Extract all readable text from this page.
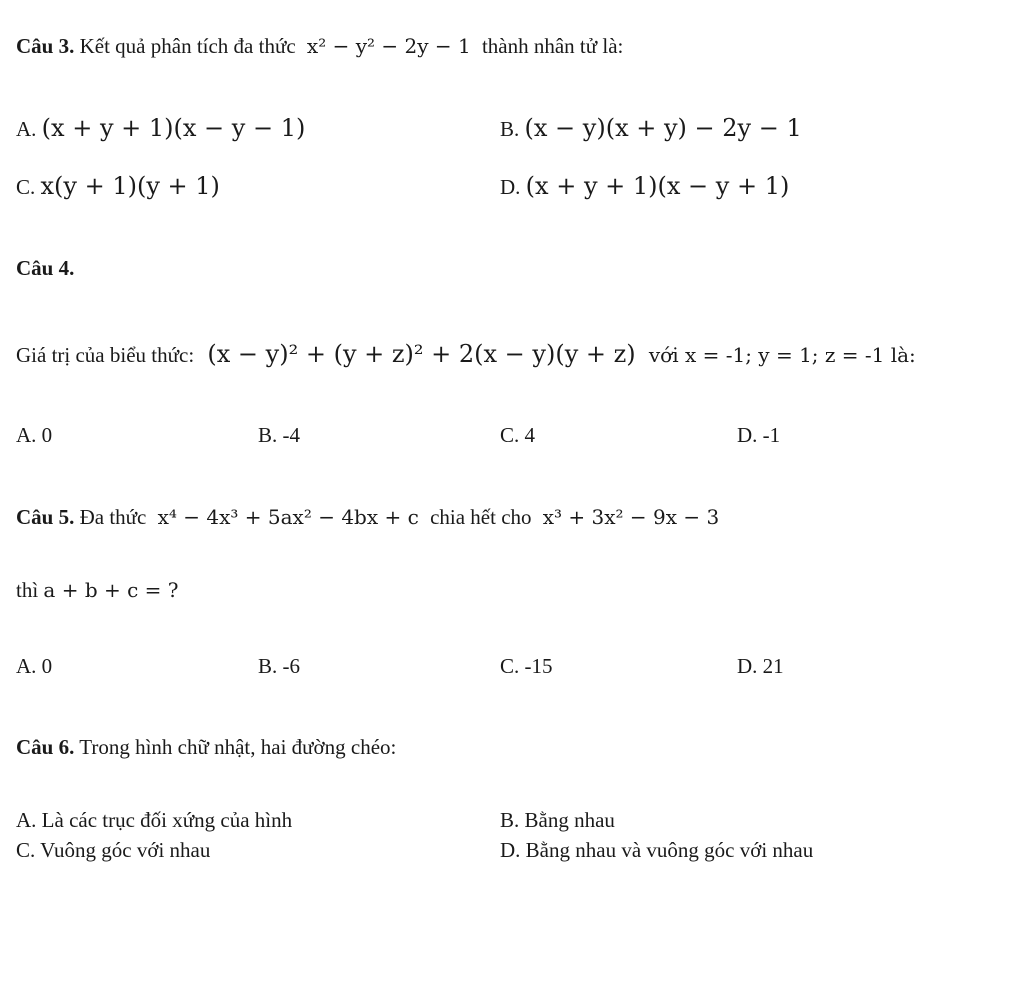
Câu 3. Kết quả phân tích đa thức x² − y² − 2y − 1 thành nhân tử là:
A. (x + y + 1)(x − y − 1)	B. (x − y)(x + y) − 2y − 1
C. x(y + 1)(y + 1)	D. (x + y + 1)(x − y + 1)
Câu 4.
Giá trị của biểu thức: (x − y)² + (y + z)² + 2(x − y)(y + z) với x = -1; y = 1; z = -1 là:
A. 0	B. -4	C. 4	D. -1
Câu 5. Đa thức x⁴ − 4x³ + 5ax² − 4bx + c chia hết cho x³ + 3x² − 9x − 3
thì a + b + c = ?
A. 0	B. -6	C. -15	D. 21
Câu 6. Trong hình chữ nhật, hai đường chéo:
A. Là các trục đối xứng của hình	B. Bằng nhau
C. Vuông góc với nhau	D. Bằng nhau và vuông góc với nhau
